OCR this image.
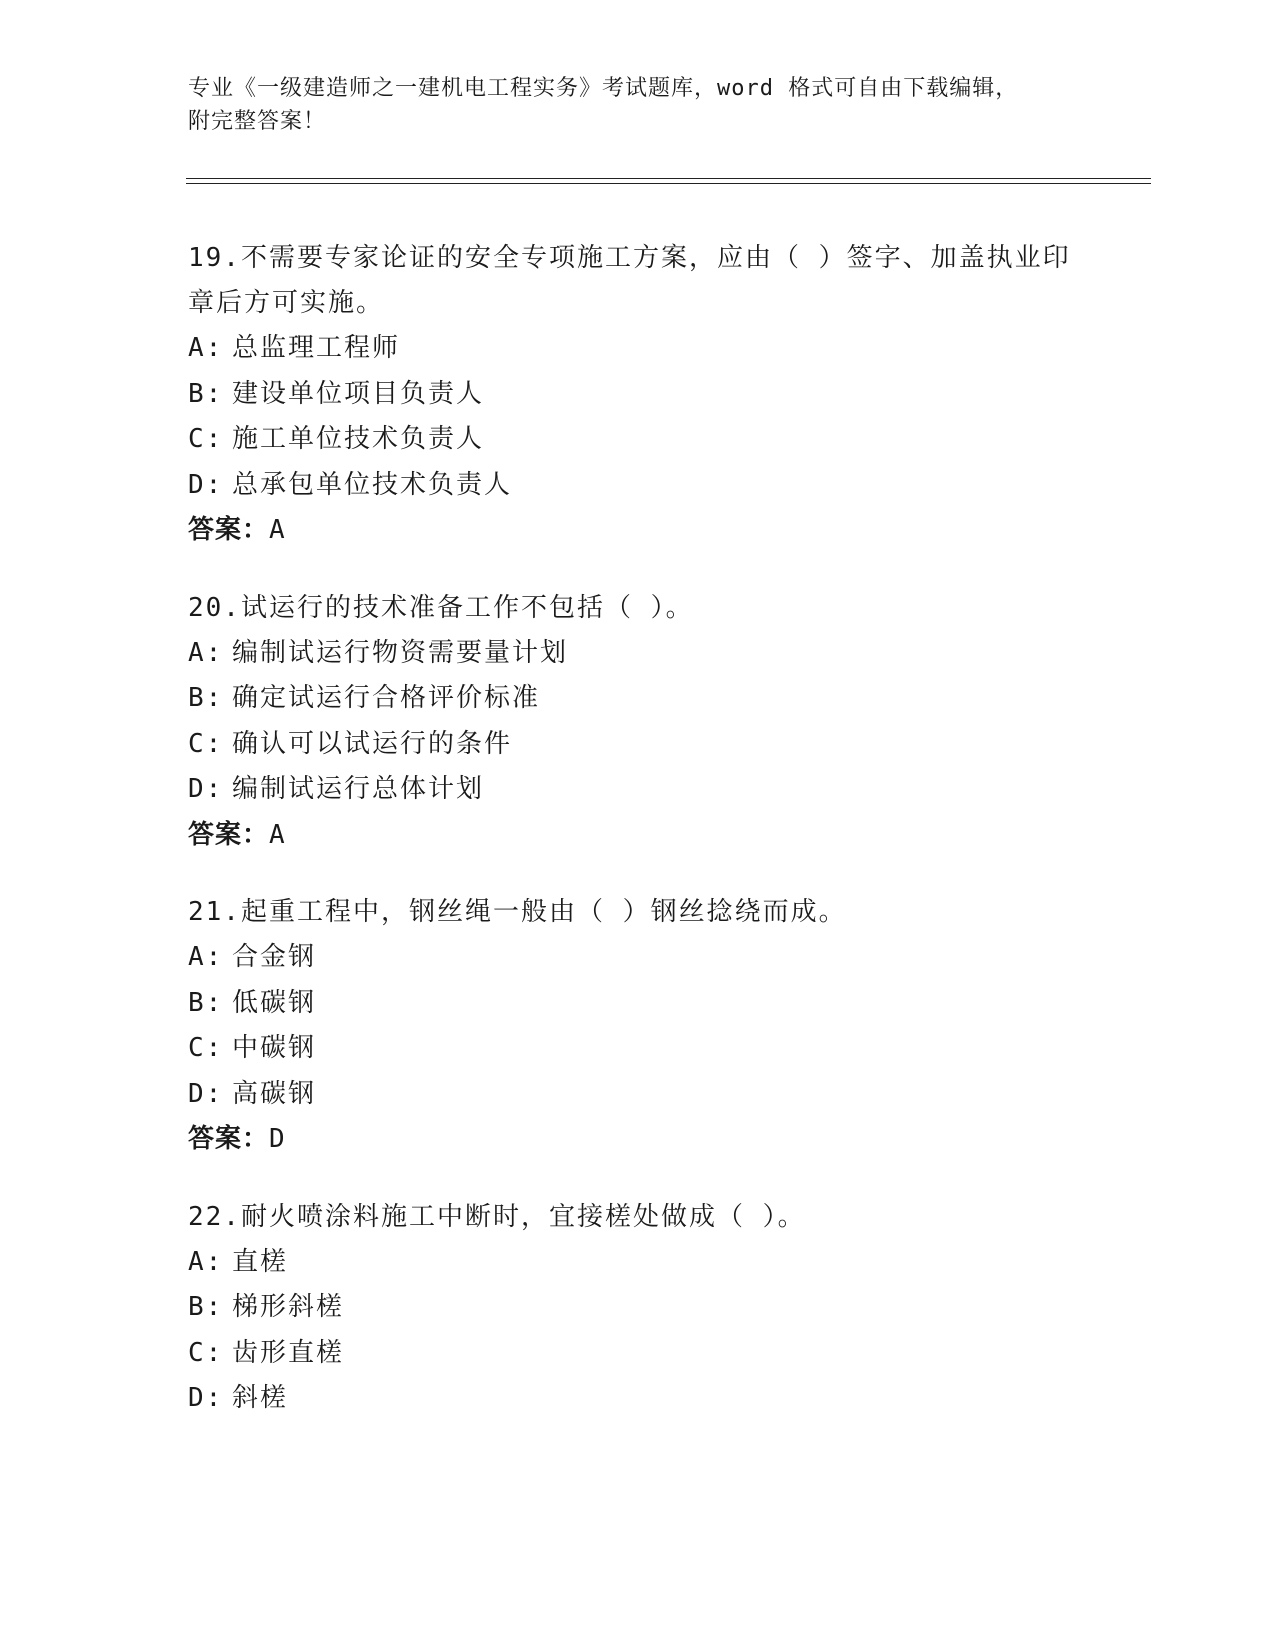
专业《一级建造师之一建机电工程实务》考试题库，word 格式可自由下载编辑，
附完整答案！

19.不需要专家论证的安全专项施工方案，应由（ ）签字、加盖执业印章后方可实施。

A: 总监理工程师

B: 建设单位项目负责人

C: 施工单位技术负责人

D: 总承包单位技术负责人

答案：A

20.试运行的技术准备工作不包括（ ）。

A: 编制试运行物资需要量计划

B: 确定试运行合格评价标准

C: 确认可以试运行的条件

D: 编制试运行总体计划

答案：A

21.起重工程中，钢丝绳一般由（ ）钢丝捻绕而成。

A: 合金钢

B: 低碳钢

C: 中碳钢

D: 高碳钢

答案：D

22.耐火喷涂料施工中断时，宜接槎处做成（ ）。

A: 直槎

B: 梯形斜槎

C: 齿形直槎

D: 斜槎
